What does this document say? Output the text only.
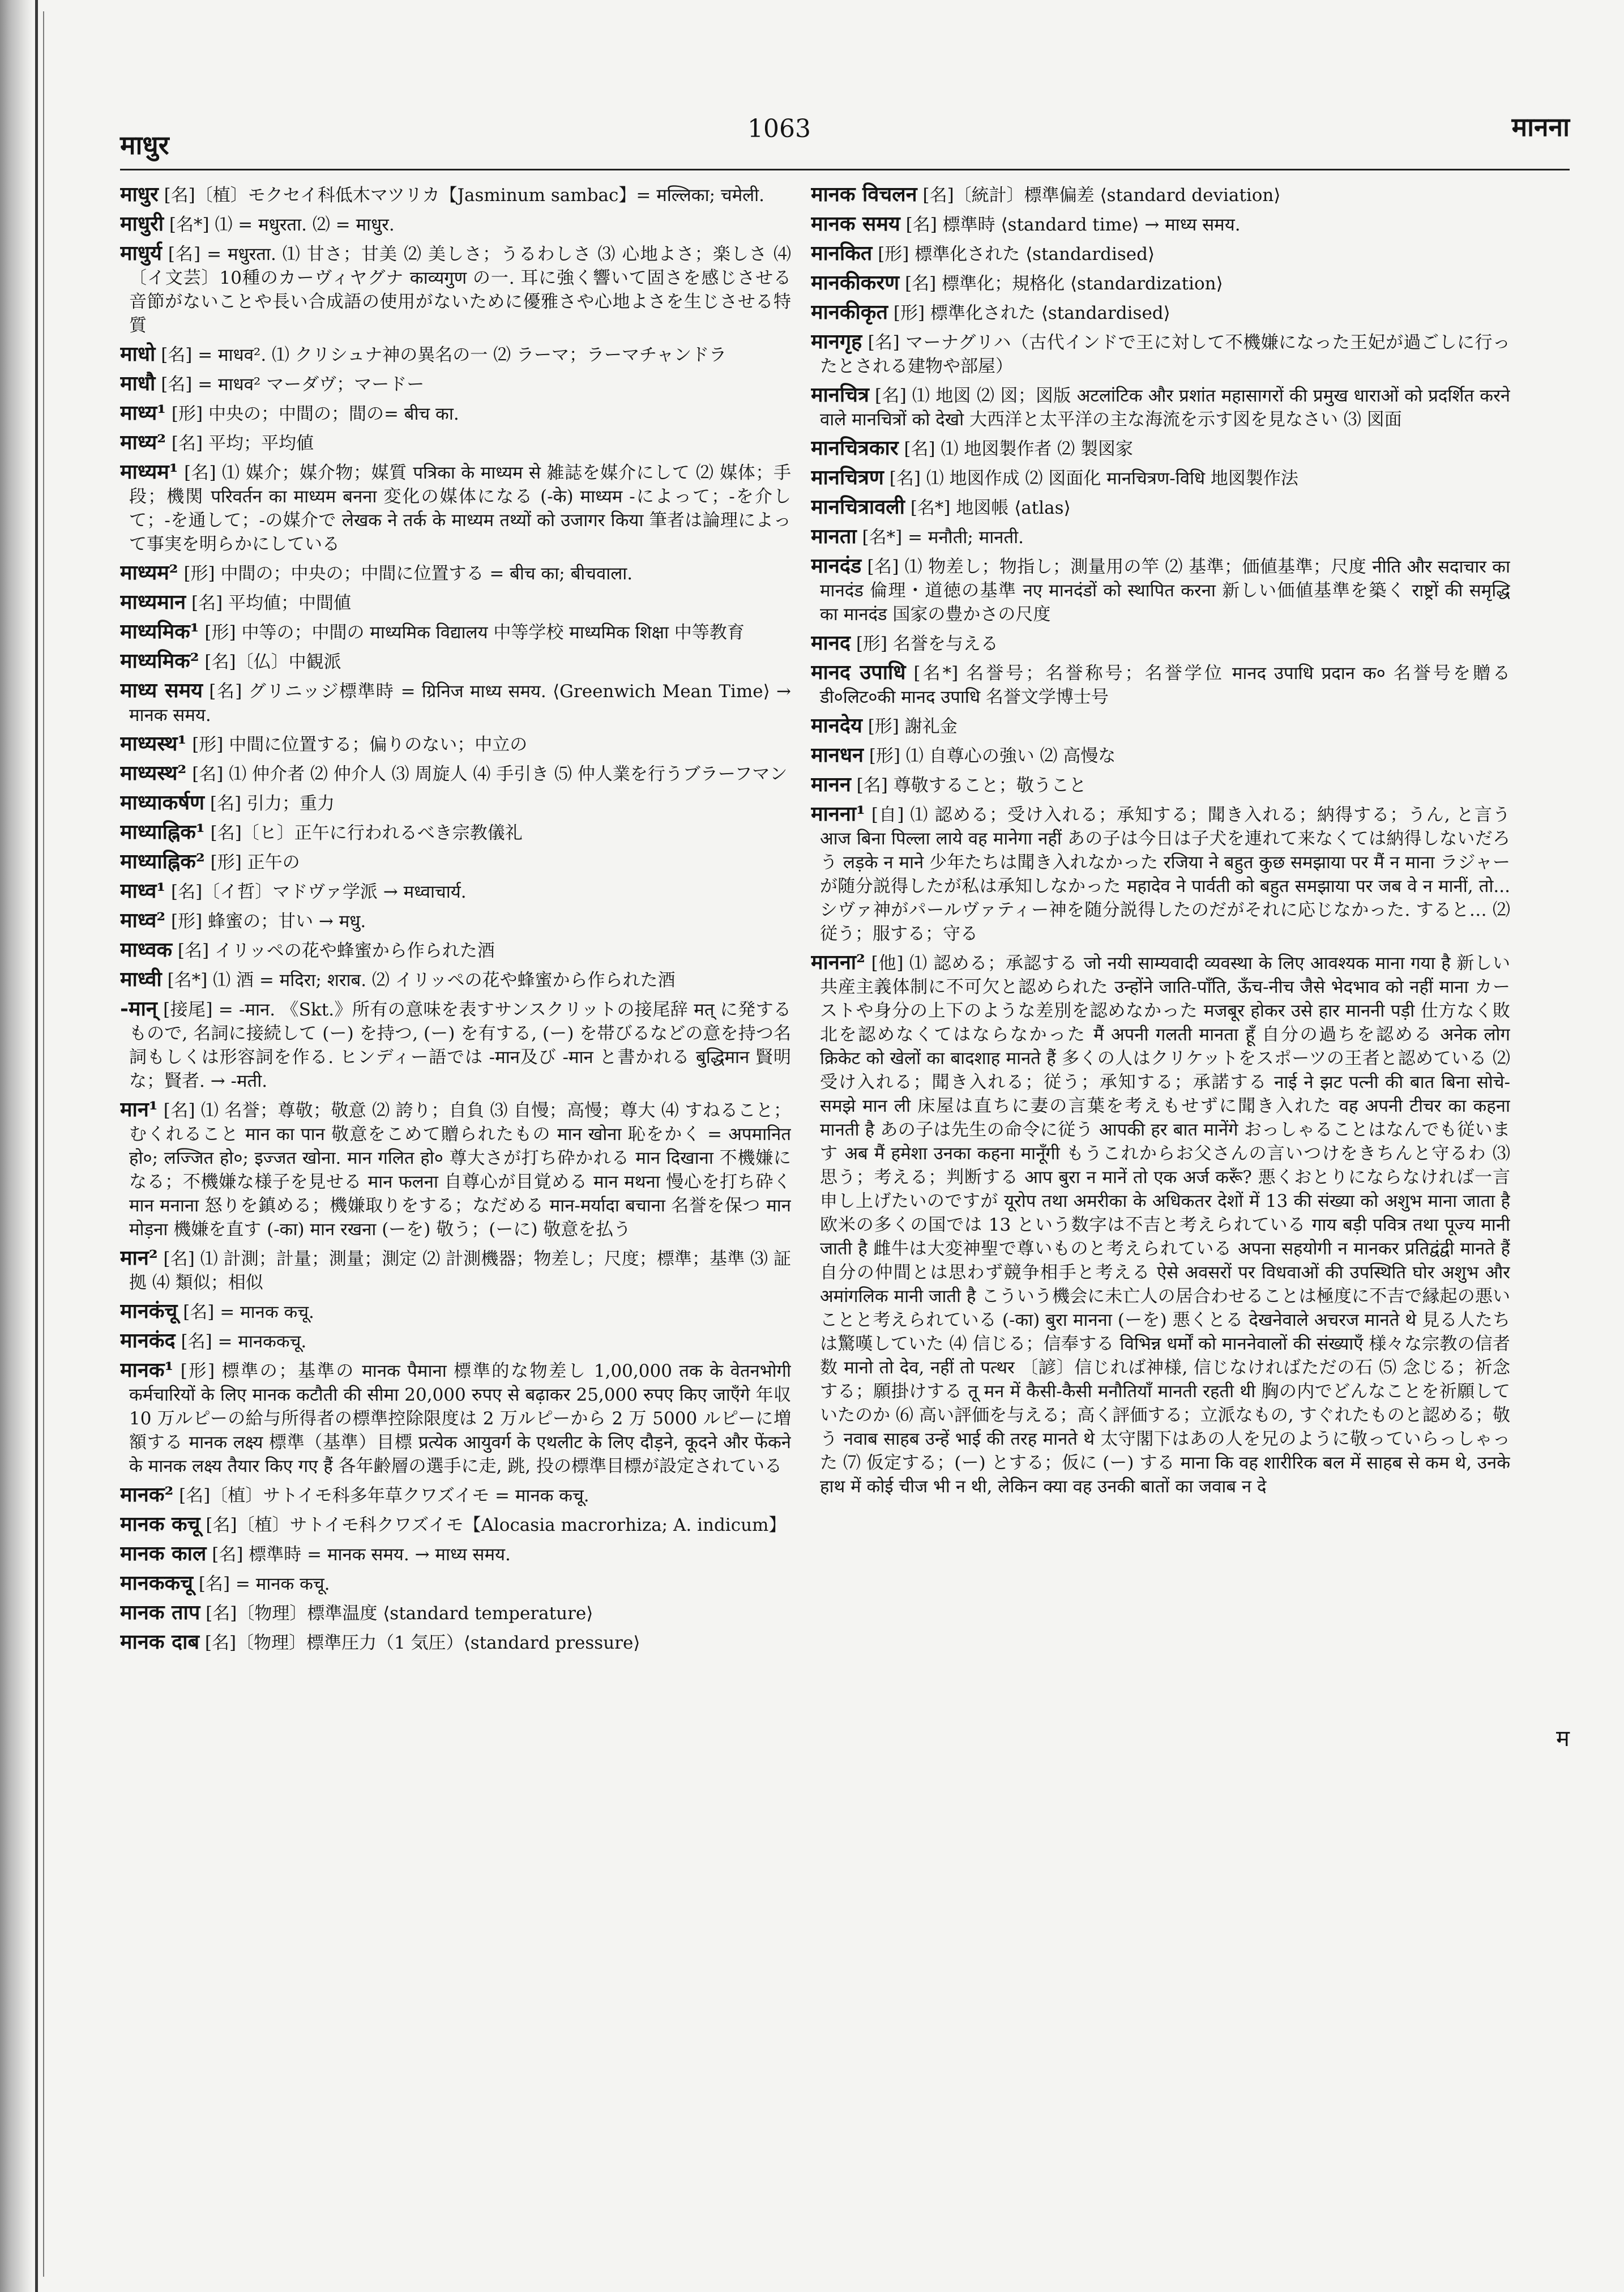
माधुर
1063	मानना
माधुर [名]〔植〕モクセイ科低木マツリカ【Jasminum sambac】= मल्लिका; चमेली.
माधुरी [名*] ⑴ = मधुरता. ⑵ = माधुर.
माधुर्य [名] = मधुरता. ⑴ 甘さ；甘美 ⑵ 美しさ；うるわしさ ⑶ 心地よさ；楽しさ ⑷〔イ文芸〕10種のカーヴィヤグナ काव्यगुण の一. 耳に強く響いて固さを感じさせる音節がないことや長い合成語の使用がないために優雅さや心地よさを生じさせる特質
माधो [名] = माधव². ⑴ クリシュナ神の異名の一 ⑵ ラーマ；ラーマチャンドラ
माधौ [名] = माधव² マーダヴ；マードー
माध्य¹ [形] 中央の；中間の；間の= बीच का.
माध्य² [名] 平均；平均値
माध्यम¹ [名] ⑴ 媒介；媒介物；媒質 पत्रिका के माध्यम से 雑誌を媒介にして ⑵ 媒体；手段；機関 परिवर्तन का माध्यम बनना 変化の媒体になる (-के) माध्यम -によって；-を介して；-を通して；-の媒介で लेखक ने तर्क के माध्यम तथ्यों को उजागर किया 筆者は論理によって事実を明らかにしている
माध्यम² [形] 中間の；中央の；中間に位置する = बीच का; बीचवाला.
माध्यमान [名] 平均値；中間値
माध्यमिक¹ [形] 中等の；中間の माध्यमिक विद्यालय 中等学校 माध्यमिक शिक्षा 中等教育
माध्यमिक² [名]〔仏〕中観派
माध्य समय [名] グリニッジ標準時 = ग्रिनिज माध्य समय. ⟨Greenwich Mean Time⟩ → मानक समय.
माध्यस्थ¹ [形] 中間に位置する；偏りのない；中立の
माध्यस्थ² [名] ⑴ 仲介者 ⑵ 仲介人 ⑶ 周旋人 ⑷ 手引き ⑸ 仲人業を行うブラーフマン
माध्याकर्षण [名] 引力；重力
माध्याह्निक¹ [名]〔ヒ〕正午に行われるべき宗教儀礼
माध्याह्निक² [形] 正午の
माध्व¹ [名]〔イ哲〕マドヴァ学派 → मध्वाचार्य.
माध्व² [形] 蜂蜜の；甘い → मधु.
माध्वक [名] イリッペの花や蜂蜜から作られた酒
माध्वी [名*] ⑴ 酒 = मदिरा; शराब. ⑵ イリッペの花や蜂蜜から作られた酒
-मान् [接尾] = -मान. 《Skt.》所有の意味を表すサンスクリットの接尾辞 मत् に発するもので, 名詞に接続して (ー) を持つ, (ー) を有する, (ー) を帯びるなどの意を持つ名詞もしくは形容詞を作る. ヒンディー語では -मान及び -मान と書かれる बुद्धिमान 賢明な；賢者. → -मती.
मान¹ [名] ⑴ 名誉；尊敬；敬意 ⑵ 誇り；自負 ⑶ 自慢；高慢；尊大 ⑷ すねること；むくれること मान का पान 敬意をこめて贈られたもの मान खोना 恥をかく = अपमानित हो०; लज्जित हो०; इज्जत खोना. मान गलित हो० 尊大さが打ち砕かれる मान दिखाना 不機嫌になる；不機嫌な様子を見せる मान फलना 自尊心が目覚める मान मथना 慢心を打ち砕く मान मनाना 怒りを鎮める；機嫌取りをする；なだめる मान-मर्यादा बचाना 名誉を保つ मान मोड़ना 機嫌を直す (-का) मान रखना (ーを) 敬う；(ーに) 敬意を払う
मान² [名] ⑴ 計測；計量；測量；測定 ⑵ 計測機器；物差し；尺度；標準；基準 ⑶ 証拠 ⑷ 類似；相似
मानकंचू [名] = मानक कचू.
मानकंद [名] = मानककचू.
मानक¹ [形] 標準の；基準の मानक पैमाना 標準的な物差し 1,00,000 तक के वेतनभोगी कर्मचारियों के लिए मानक कटौती की सीमा 20,000 रुपए से बढ़ाकर 25,000 रुपए किए जाएँगे 年収 10 万ルピーの給与所得者の標準控除限度は 2 万ルピーから 2 万 5000 ルピーに増額する मानक लक्ष्य 標準（基準）目標 प्रत्येक आयुवर्ग के एथलीट के लिए दौड़ने, कूदने और फेंकने के मानक लक्ष्य तैयार किए गए हैं 各年齢層の選手に走, 跳, 投の標準目標が設定されている
मानक² [名]〔植〕サトイモ科多年草クワズイモ = मानक कचू.
मानक कचू [名]〔植〕サトイモ科クワズイモ【Alocasia macrorhiza; A. indicum】
मानक काल [名] 標準時 = मानक समय. → माध्य समय.
मानककचू [名] = मानक कचू.
मानक ताप [名]〔物理〕標準温度 ⟨standard temperature⟩
मानक दाब [名]〔物理〕標準圧力（1 気圧）⟨standard pressure⟩
मानक विचलन [名]〔統計〕標準偏差 ⟨standard deviation⟩
मानक समय [名] 標準時 ⟨standard time⟩ → माध्य समय.
मानकित [形] 標準化された ⟨standardised⟩
मानकीकरण [名] 標準化；規格化 ⟨standardization⟩
मानकीकृत [形] 標準化された ⟨standardised⟩
मानगृह [名] マーナグリハ（古代インドで王に対して不機嫌になった王妃が過ごしに行ったとされる建物や部屋）
मानचित्र [名] ⑴ 地図 ⑵ 図；図版 अटलांटिक और प्रशांत महासागरों की प्रमुख धाराओं को प्रदर्शित करने वाले मानचित्रों को देखो 大西洋と太平洋の主な海流を示す図を見なさい ⑶ 図面
मानचित्रकार [名] ⑴ 地図製作者 ⑵ 製図家
मानचित्रण [名] ⑴ 地図作成 ⑵ 図面化 मानचित्रण-विधि 地図製作法
मानचित्रावली [名*] 地図帳 ⟨atlas⟩
मानता [名*] = मनौती; मानती.
मानदंड [名] ⑴ 物差し；物指し；測量用の竿 ⑵ 基準；価値基準；尺度 नीति और सदाचार का मानदंड 倫理・道徳の基準 नए मानदंडों को स्थापित करना 新しい価値基準を築く राष्ट्रों की समृद्धि का मानदंड 国家の豊かさの尺度
मानद [形] 名誉を与える
मानद उपाधि [名*] 名誉号；名誉称号；名誉学位 मानद उपाधि प्रदान क० 名誉号を贈る डी०लिट०की मानद उपाधि 名誉文学博士号
मानदेय [形] 謝礼金
मानधन [形] ⑴ 自尊心の強い ⑵ 高慢な
मानन [名] 尊敬すること；敬うこと
मानना¹ [自] ⑴ 認める；受け入れる；承知する；聞き入れる；納得する；うん, と言う आज बिना पिल्ला लाये वह मानेगा नहीं あの子は今日は子犬を連れて来なくては納得しないだろう लड़के न माने 少年たちは聞き入れなかった रजिया ने बहुत कुछ समझाया पर मैं न माना ラジャーが随分説得したが私は承知しなかった महादेव ने पार्वती को बहुत समझाया पर जब वे न मानीं, तो... シヴァ神がパールヴァティー神を随分説得したのだがそれに応じなかった. すると… ⑵ 従う；服する；守る
मानना² [他] ⑴ 認める；承認する जो नयी साम्यवादी व्यवस्था के लिए आवश्यक माना गया है 新しい共産主義体制に不可欠と認められた उन्होंने जाति-पाँति, ऊँच-नीच जैसे भेदभाव को नहीं माना カーストや身分の上下のような差別を認めなかった मजबूर होकर उसे हार माननी पड़ी 仕方なく敗北を認めなくてはならなかった मैं अपनी गलती मानता हूँ 自分の過ちを認める अनेक लोग क्रिकेट को खेलों का बादशाह मानते हैं 多くの人はクリケットをスポーツの王者と認めている ⑵ 受け入れる；聞き入れる；従う；承知する；承諾する नाई ने झट पत्नी की बात बिना सोचे-समझे मान ली 床屋は直ちに妻の言葉を考えもせずに聞き入れた वह अपनी टीचर का कहना मानती है あの子は先生の命令に従う आपकी हर बात मानेंगे おっしゃることはなんでも従います अब मैं हमेशा उनका कहना मानूँगी もうこれからお父さんの言いつけをきちんと守るわ ⑶ 思う；考える；判断する आप बुरा न मानें तो एक अर्ज करूँ? 悪くおとりにならなければ一言申し上げたいのですが यूरोप तथा अमरीका के अधिकतर देशों में 13 की संख्या को अशुभ माना जाता है 欧米の多くの国では 13 という数字は不吉と考えられている गाय बड़ी पवित्र तथा पूज्य मानी जाती है 雌牛は大変神聖で尊いものと考えられている अपना सहयोगी न मानकर प्रतिद्वंद्वी मानते हैं 自分の仲間とは思わず競争相手と考える ऐसे अवसरों पर विधवाओं की उपस्थिति घोर अशुभ और अमांगलिक मानी जाती है こういう機会に未亡人の居合わせることは極度に不吉で縁起の悪いことと考えられている (-का) बुरा मानना (ーを) 悪くとる देखनेवाले अचरज मानते थे 見る人たちは驚嘆していた ⑷ 信じる；信奉する विभिन्न धर्मों को माननेवालों की संख्याएँ 様々な宗教の信者数 मानो तो देव, नहीं तो पत्थर 〔諺〕信じれば神様, 信じなければただの石 ⑸ 念じる；祈念する；願掛けする तू मन में कैसी-कैसी मनौतियाँ मानती रहती थी 胸の内でどんなことを祈願していたのか ⑹ 高い評価を与える；高く評価する；立派なもの, すぐれたものと認める；敬う नवाब साहब उन्हें भाई की तरह मानते थे 太守閣下はあの人を兄のように敬っていらっしゃった ⑺ 仮定する；(ー) とする；仮に (ー) する माना कि वह शारीरिक बल में साहब से कम थे, उनके हाथ में कोई चीज भी न थी, लेकिन क्या वह उनकी बातों का जवाब न दे
म
